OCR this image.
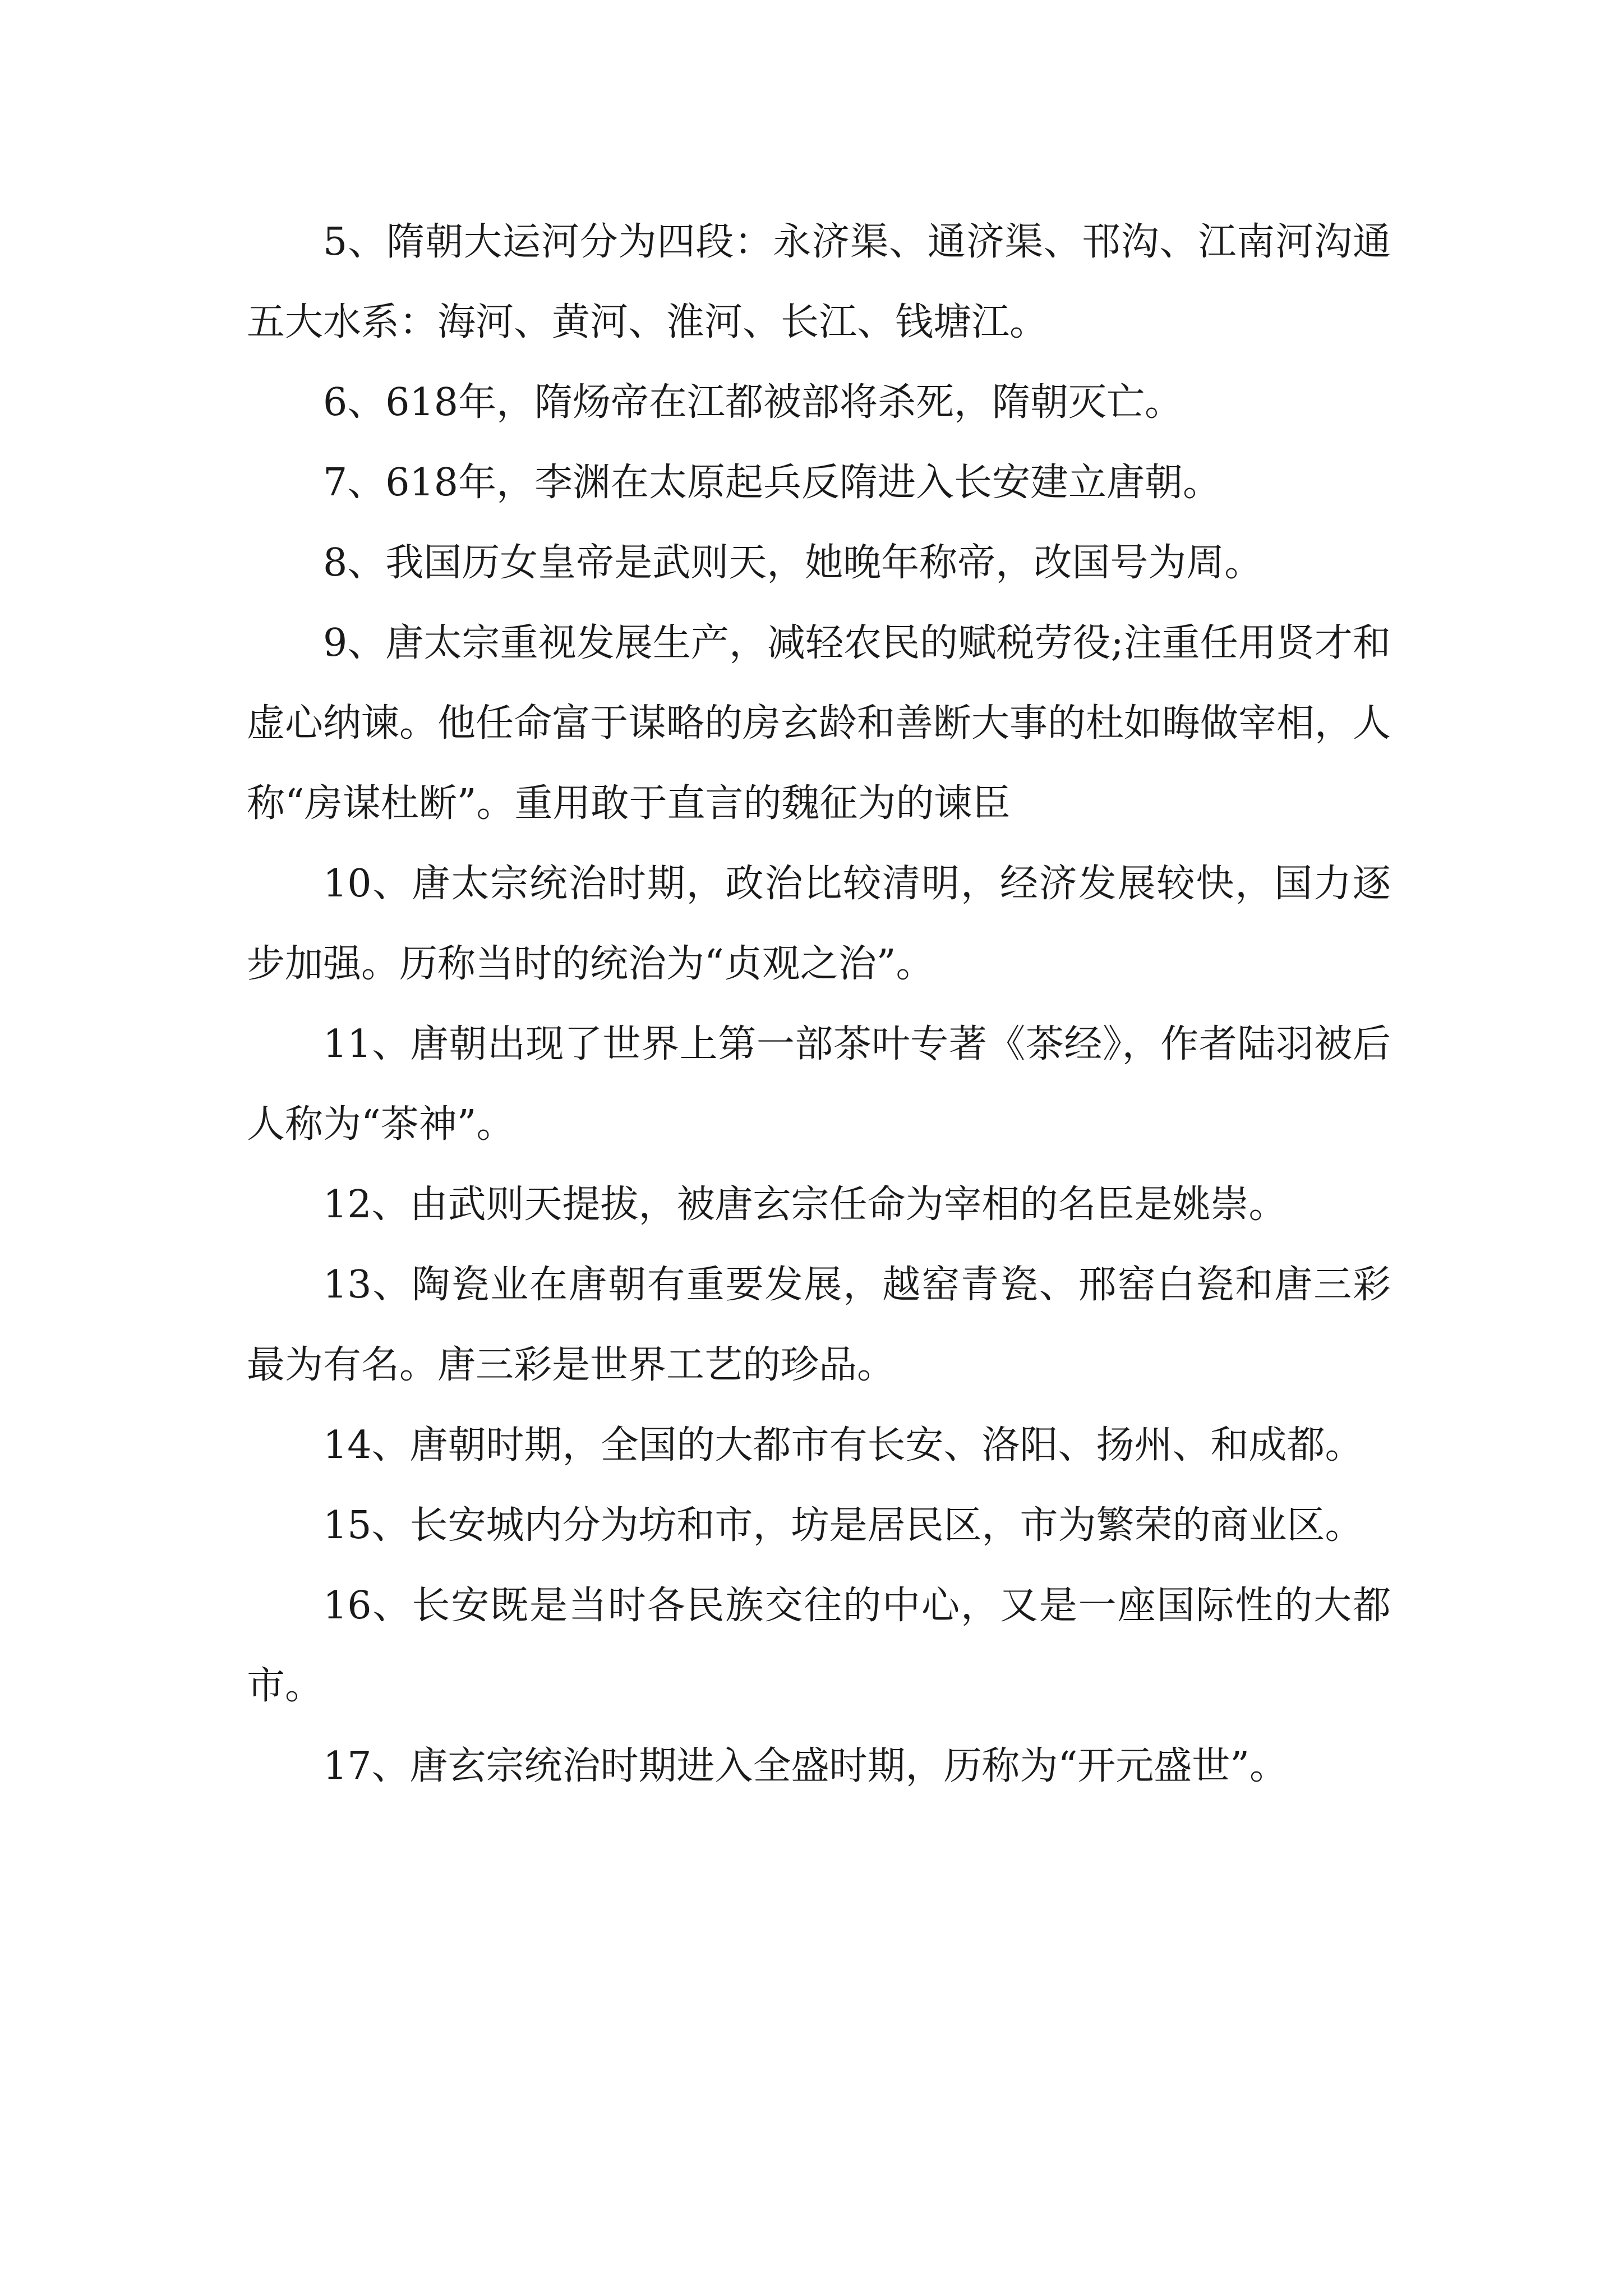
5、隋朝大运河分为四段：永济渠、通济渠、邗沟、江南河沟通五大水系：海河、黄河、淮河、长江、钱塘江。

6、618年，隋炀帝在江都被部将杀死，隋朝灭亡。

7、618年，李渊在太原起兵反隋进入长安建立唐朝。

8、我国历女皇帝是武则天，她晚年称帝，改国号为周。

9、唐太宗重视发展生产，减轻农民的赋税劳役;注重任用贤才和虚心纳谏。他任命富于谋略的房玄龄和善断大事的杜如晦做宰相，人称“房谋杜断”。重用敢于直言的魏征为的谏臣

10、唐太宗统治时期，政治比较清明，经济发展较快，国力逐步加强。历称当时的统治为“贞观之治”。

11、唐朝出现了世界上第一部茶叶专著《茶经》，作者陆羽被后人称为“茶神”。

12、由武则天提拔，被唐玄宗任命为宰相的名臣是姚崇。

13、陶瓷业在唐朝有重要发展，越窑青瓷、邢窑白瓷和唐三彩最为有名。唐三彩是世界工艺的珍品。

14、唐朝时期，全国的大都市有长安、洛阳、扬州、和成都。

15、长安城内分为坊和市，坊是居民区，市为繁荣的商业区。

16、长安既是当时各民族交往的中心，又是一座国际性的大都市。

17、唐玄宗统治时期进入全盛时期，历称为“开元盛世”。
